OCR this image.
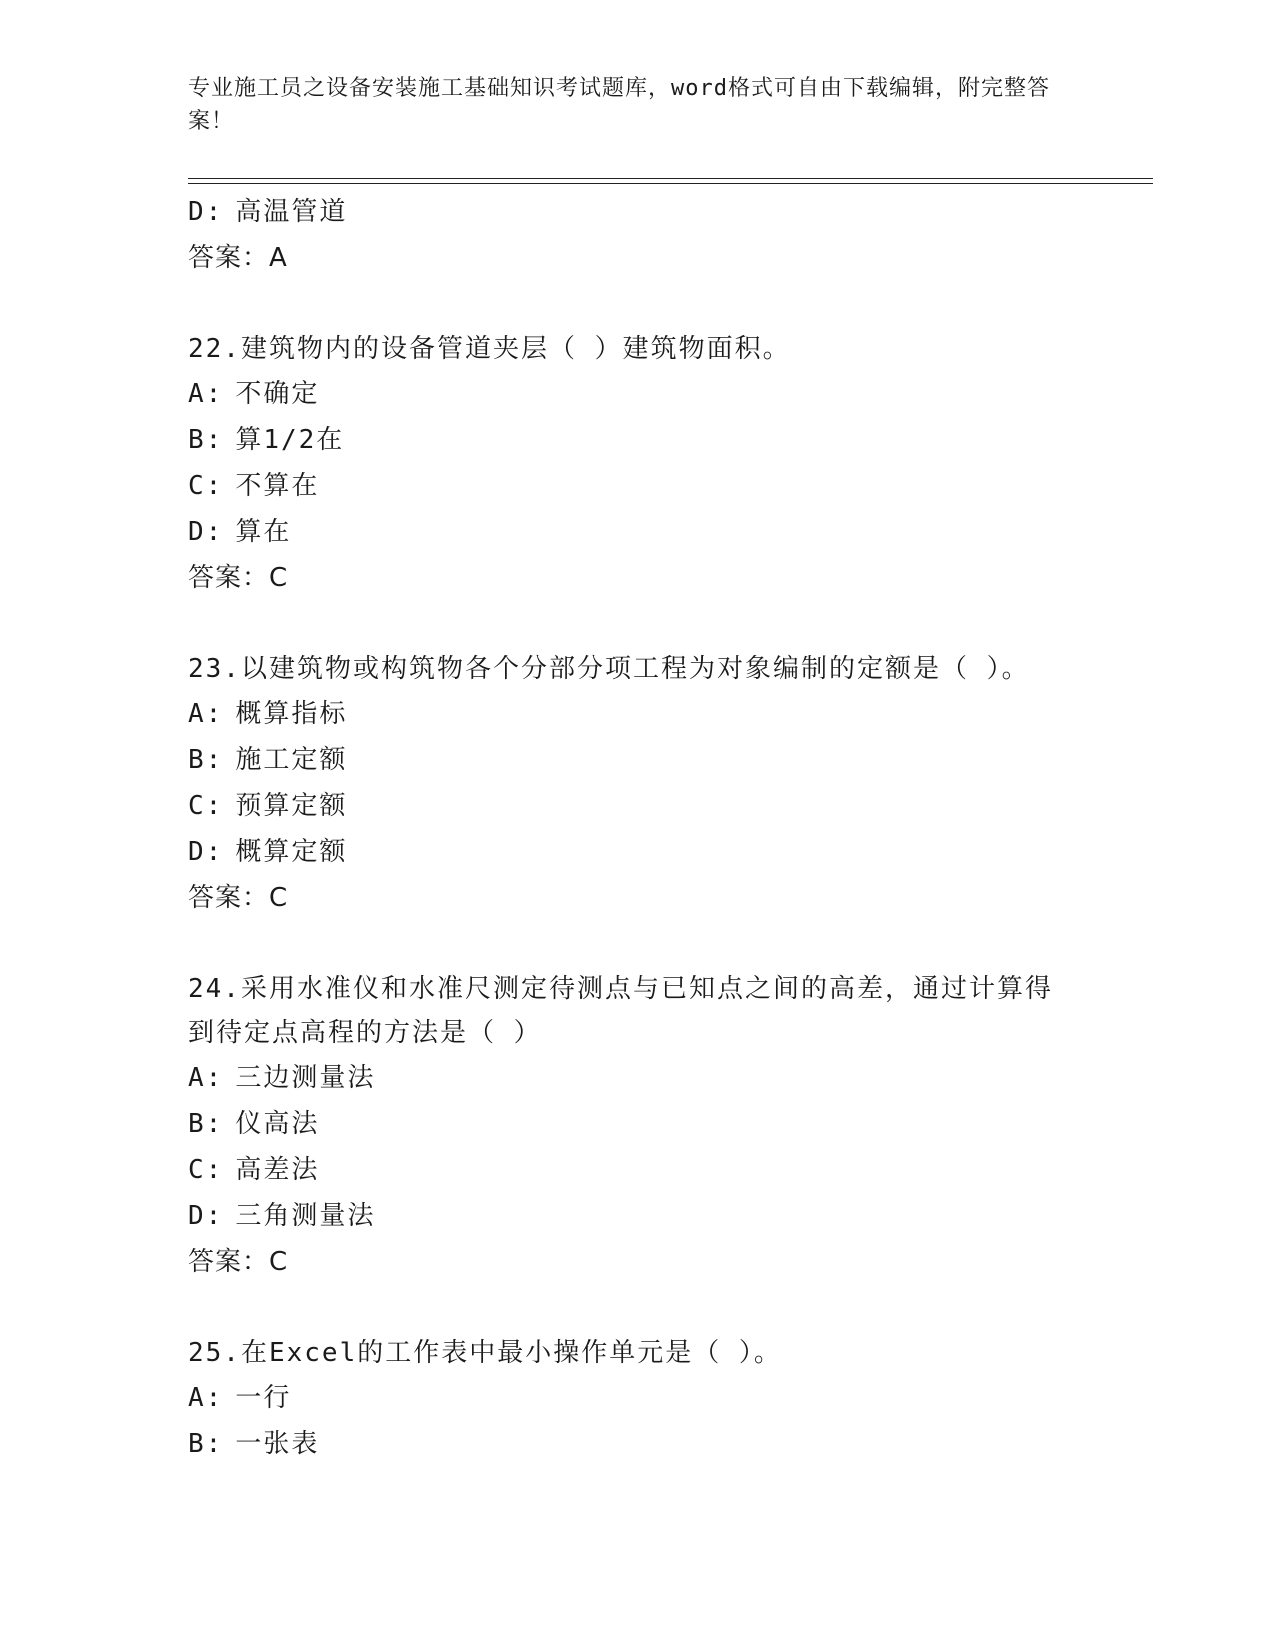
专业施工员之设备安装施工基础知识考试题库，word格式可自由下载编辑，附完整答案！
D: 高温管道
答案：A
22.建筑物内的设备管道夹层（ ）建筑物面积。
A: 不确定
B: 算1/2在
C: 不算在
D: 算在
答案：C
23.以建筑物或构筑物各个分部分项工程为对象编制的定额是（ ）。
A: 概算指标
B: 施工定额
C: 预算定额
D: 概算定额
答案：C
24.采用水准仪和水准尺测定待测点与已知点之间的高差，通过计算得到待定点高程的方法是（ ）
A: 三边测量法
B: 仪高法
C: 高差法
D: 三角测量法
答案：C
25.在Excel的工作表中最小操作单元是（ ）。
A: 一行
B: 一张表
